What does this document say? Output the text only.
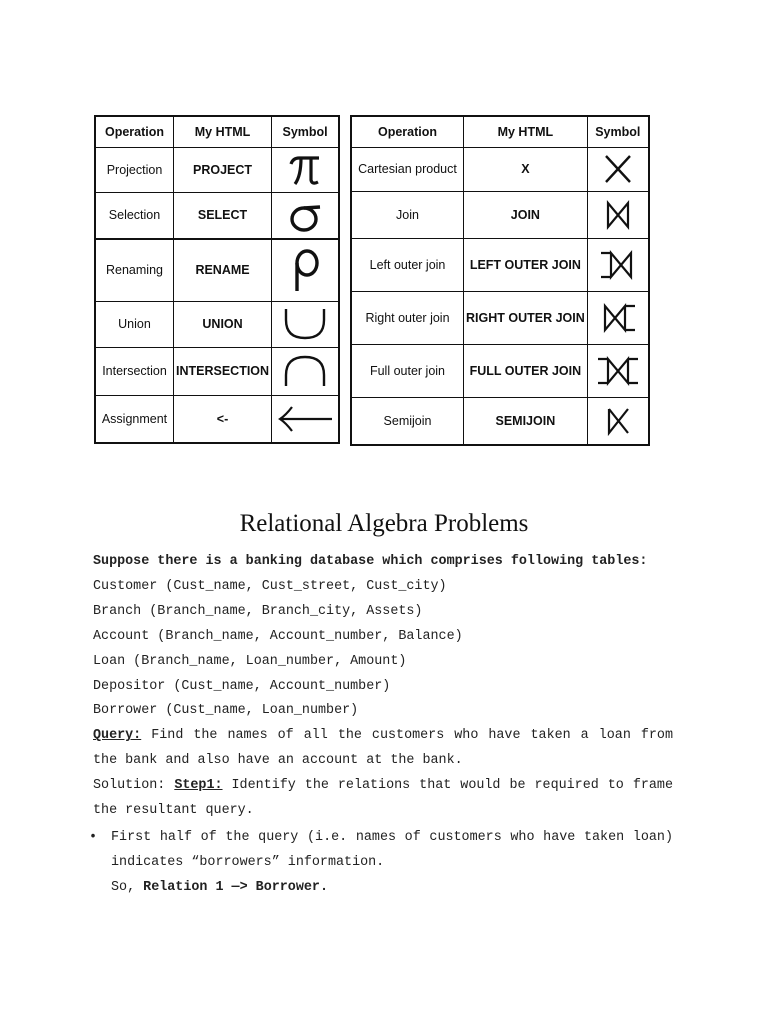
Operation	My HTML	Symbol
Projection	PROJECT	

Selection	SELECT	

Renaming	RENAME	

Union	UNION	

Intersection	INTERSECTION	

Assignment	<-	
Operation	My HTML	Symbol
Cartesian product	X	

Join	JOIN	

Left outer join	LEFT OUTER JOIN	

Right outer join	RIGHT OUTER JOIN	

Full outer join	FULL OUTER JOIN	

Semijoin	SEMIJOIN	
Relational Algebra Problems

Suppose there is a banking database which comprises following tables:

Customer (Cust_name, Cust_street, Cust_city)

Branch (Branch_name, Branch_city, Assets)

Account (Branch_name, Account_number, Balance)

Loan (Branch_name, Loan_number, Amount)

Depositor (Cust_name, Account_number)

Borrower (Cust_name, Loan_number)

Query: Find the names of all the customers who have taken a loan from the bank and also have an account at the bank.

Solution: Step1: Identify the relations that would be required to frame the resultant query.

• First half of the query (i.e. names of customers who have taken loan) indicates “borrowers” information.

So, Relation 1 —> Borrower.
